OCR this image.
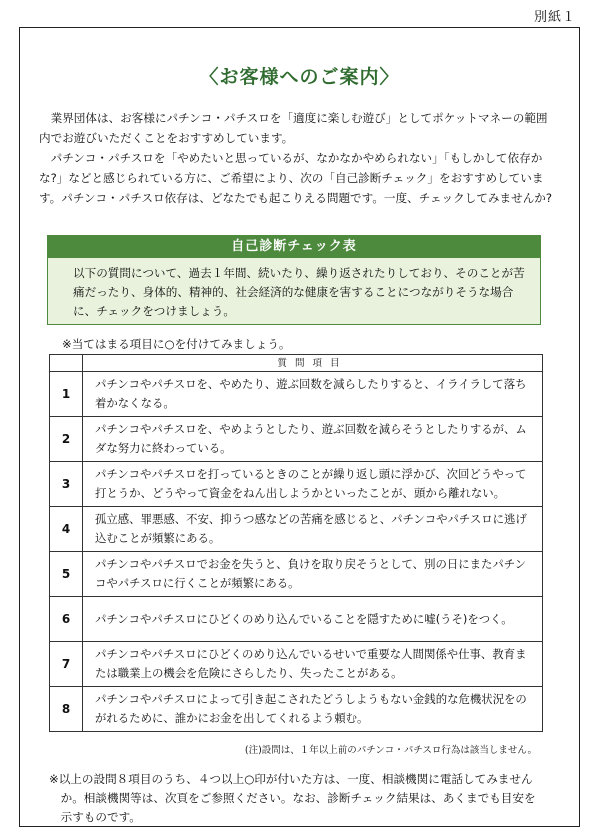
別紙１
〈お客様へのご案内〉

業界団体は、お客様にパチンコ・パチスロを「適度に楽しむ遊び」としてポケットマネーの範囲内でお遊びいただくことをおすすめしています。

パチンコ・パチスロを「やめたいと思っているが、なかなかやめられない」「もしかして依存かな?」などと感じられている方に、ご希望により、次の「自己診断チェック」をおすすめしています。パチンコ・パチスロ依存は、どなたでも起こりえる問題です。一度、チェックしてみませんか?

自己診断チェック表
以下の質問について、過去１年間、続いたり、繰り返されたりしており、そのことが苦痛だったり、身体的、精神的、社会経済的な健康を害することにつながりそうな場合に、チェックをつけましょう。
※当てはまる項目に○を付けてみましょう。
	質問項目
1	パチンコやパチスロを、やめたり、遊ぶ回数を減らしたりすると、イライラして落ち着かなくなる。
2	パチンコやパチスロを、やめようとしたり、遊ぶ回数を減らそうとしたりするが、ムダな努力に終わっている。
3	パチンコやパチスロを打っているときのことが繰り返し頭に浮かび、次回どうやって打とうか、どうやって資金をねん出しようかといったことが、頭から離れない。
4	孤立感、罪悪感、不安、抑うつ感などの苦痛を感じると、パチンコやパチスロに逃げ込むことが頻繁にある。
5	パチンコやパチスロでお金を失うと、負けを取り戻そうとして、別の日にまたパチンコやパチスロに行くことが頻繁にある。
6	パチンコやパチスロにひどくのめり込んでいることを隠すために嘘(うそ)をつく。
7	パチンコやパチスロにひどくのめり込んでいるせいで重要な人間関係や仕事、教育または職業上の機会を危険にさらしたり、失ったことがある。
8	パチンコやパチスロによって引き起こされたどうしようもない金銭的な危機状況をのがれるために、誰かにお金を出してくれるよう頼む。
(注)設問は、１年以上前のパチンコ・パチスロ行為は該当しません。

※以上の設問８項目のうち、４つ以上○印が付いた方は、一度、相談機関に電話してみませんか。相談機関等は、次頁をご参照ください。なお、診断チェック結果は、あくまでも目安を示すものです。
